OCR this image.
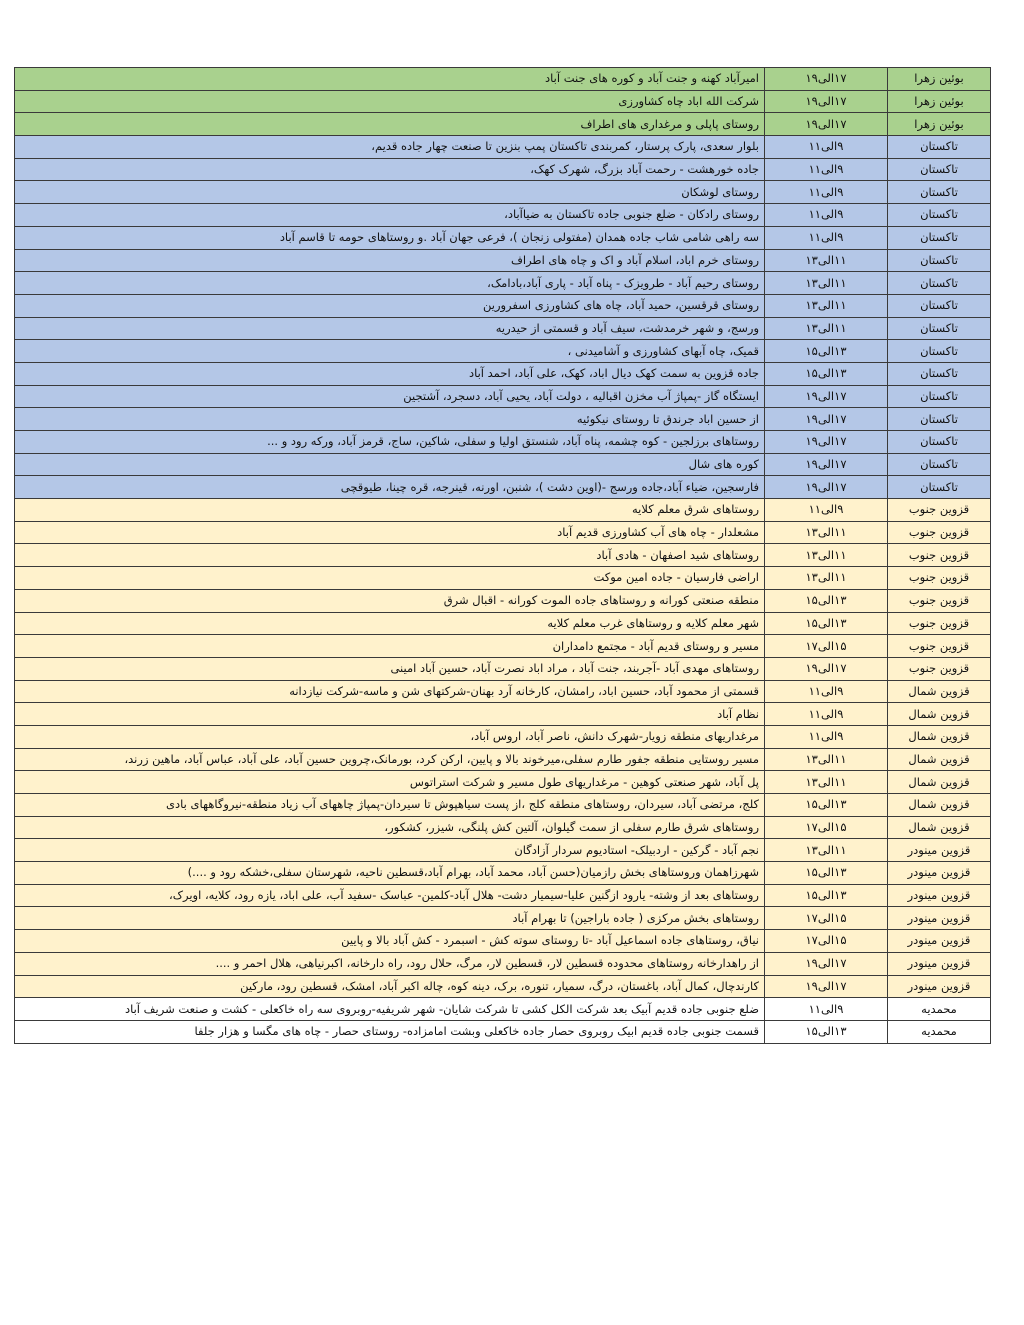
بوئین زهرا	۱۷الی۱۹	امیرآباد کهنه و جنت آباد و کوره های جنت آباد
بوئین زهرا	۱۷الی۱۹	شرکت الله اباد چاه کشاورزی
بوئین زهرا	۱۷الی۱۹	روستای پاپلی و مرغداری های اطراف
تاکستان	۹الی۱۱	بلوار سعدی، پارک پرستار، کمربندی تاکستان پمپ بنزین تا صنعت چهار جاده قدیم،
تاکستان	۹الی۱۱	جاده خورهشت - رحمت آباد بزرگ، شهرک کهک،
تاکستان	۹الی۱۱	روستای لوشکان
تاکستان	۹الی۱۱	روستای رادکان - ضلع جنوبی جاده تاکستان به ضیاآباد،
تاکستان	۹الی۱۱	سه راهی شامی شاب جاده همدان (مفتولی زنجان )، فرعی جهان آباد .و روستاهای حومه تا قاسم آباد
تاکستان	۱۱الی۱۳	روستای خرم اباد، اسلام آباد و اک و چاه های اطراف
تاکستان	۱۱الی۱۳	روستای رحیم آباد - طرویزک - پناه آباد - پاری آباد،بادامک،
تاکستان	۱۱الی۱۳	روستای قرقسین، حمید آباد، چاه های کشاورزی اسفرورین
تاکستان	۱۱الی۱۳	ورسج، و شهر خرمدشت، سیف آباد و قسمتی از حیدریه
تاکستان	۱۳الی۱۵	قمیک، چاه آبهای کشاورزی و آشامیدنی ،
تاکستان	۱۳الی۱۵	جاده قزوین به سمت کهک دیال اباد، کهک، علی آباد، احمد آباد
تاکستان	۱۷الی۱۹	ایستگاه گاز -پمپاژ آب مخزن اقبالیه ، دولت آباد، یحیی آباد، دسجرد، آشتجین
تاکستان	۱۷الی۱۹	از حسین اباد جرندق تا روستای نیکوئیه
تاکستان	۱۷الی۱۹	روستاهای برزلجین - کوه چشمه، پناه آباد، شنستق اولیا و سفلی، شاکین، ساج، قرمز آباد، ورکه رود و ...
تاکستان	۱۷الی۱۹	کوره های شال
تاکستان	۱۷الی۱۹	فارسجین، ضیاء آباد،جاده ورسج -(اوین دشت )، شنبن، اورنه، قینرجه، قره چینا، طیوقچی
قزوین جنوب	۹الی۱۱	روستاهای شرق معلم کلایه
قزوین جنوب	۱۱الی۱۳	مشعلدار - چاه های آب کشاورزی قدیم آباد
قزوین جنوب	۱۱الی۱۳	روستاهای شید اصفهان - هادی آباد
قزوین جنوب	۱۱الی۱۳	اراضی فارسیان - جاده امین موکت
قزوین جنوب	۱۳الی۱۵	منطقه صنعتی کورانه و روستاهای جاده الموت کورانه - اقبال شرق
قزوین جنوب	۱۳الی۱۵	شهر معلم کلایه و روستاهای غرب معلم کلایه
قزوین جنوب	۱۵الی۱۷	مسیر و روستای قدیم آباد - مجتمع دامداران
قزوین جنوب	۱۷الی۱۹	روستاهای مهدی آباد -آجربند، جنت آباد ، مراد اباد نصرت آباد، حسین آباد امینی
قزوین شمال	۹الی۱۱	قسمتی از محمود آباد، حسین اباد، رامشان، کارخانه آرد بهنان-شرکتهای شن و ماسه-شرکت نیازدانه
قزوین شمال	۹الی۱۱	نظام آباد
قزوین شمال	۹الی۱۱	مرغداریهای منطقه زویار-شهرک دانش، ناصر آباد، اروس آباد،
قزوین شمال	۱۱الی۱۳	مسیر روستایی منطقه جفور طارم سفلی،میرخوند بالا و پایین، ارکن کرد، بورمانک،چروین حسین آباد، علی آباد، عباس آباد، ماهین زرند،
قزوین شمال	۱۱الی۱۳	پل آباد، شهر صنعتی کوهین - مرغداریهای طول مسیر و شرکت استراتوس
قزوین شمال	۱۳الی۱۵	کلج، مرتضی آباد، سیردان، روستاهای منطقه کلج ،از پست سیاهپوش تا سیردان-پمپاژ چاههای آب زیاد منطقه-نیروگاههای بادی
قزوین شمال	۱۵الی۱۷	روستاهای شرق طارم سفلی از سمت گیلوان، آلتین کش پلنگی، شیزر، کشکور،
قزوین مینودر	۱۱الی۱۳	نجم آباد - گرکین - اردبیلک- استادیوم سردار آزادگان
قزوین مینودر	۱۳الی۱۵	شهرزاهمان وروستاهای بخش رازمیان(حسن آباد، محمد آباد، بهرام آباد،قسطین ناحیه، شهرستان سفلی،خشکه رود و ....)
قزوین مینودر	۱۳الی۱۵	روستاهای بعد از وشته- یارود ازگنین علیا-سیمیار دشت- هلال آباد-کلمین- عباسک -سفید آب، علی اباد، یازه رود، کلایه، اویرک،
قزوین مینودر	۱۵الی۱۷	روستاهای بخش مرکزی ( جاده باراجین) تا بهرام آباد
قزوین مینودر	۱۵الی۱۷	نیاق، روستاهای جاده اسماعیل آباد -تا روستای سوته کش - اسبمرد - کش آباد بالا و پایین
قزوین مینودر	۱۷الی۱۹	از راهدارخانه روستاهای محدوده قسطین لار، قسطین لار، مرگ، حلال رود، راه دارخانه، اکبرنیاهی، هلال احمر و ....
قزوین مینودر	۱۷الی۱۹	کارندچال، کمال آباد، باغستان، درگ، سمیار، تنوره، برک، دینه کوه، چاله اکبر آباد، امشک، قسطین رود، مارکین
محمدیه	۹الی۱۱	ضلع جنوبی جاده قدیم آبیک بعد شرکت الکل کشی تا شرکت شایان- شهر شریفیه-روبروی سه راه خاکعلی - کشت و صنعت شریف آباد
محمدیه	۱۳الی۱۵	قسمت جنوبی جاده قدیم ابیک روبروی حصار جاده خاکعلی وبشت امامزاده- روستای حصار - چاه های مگسا و هزار جلفا
